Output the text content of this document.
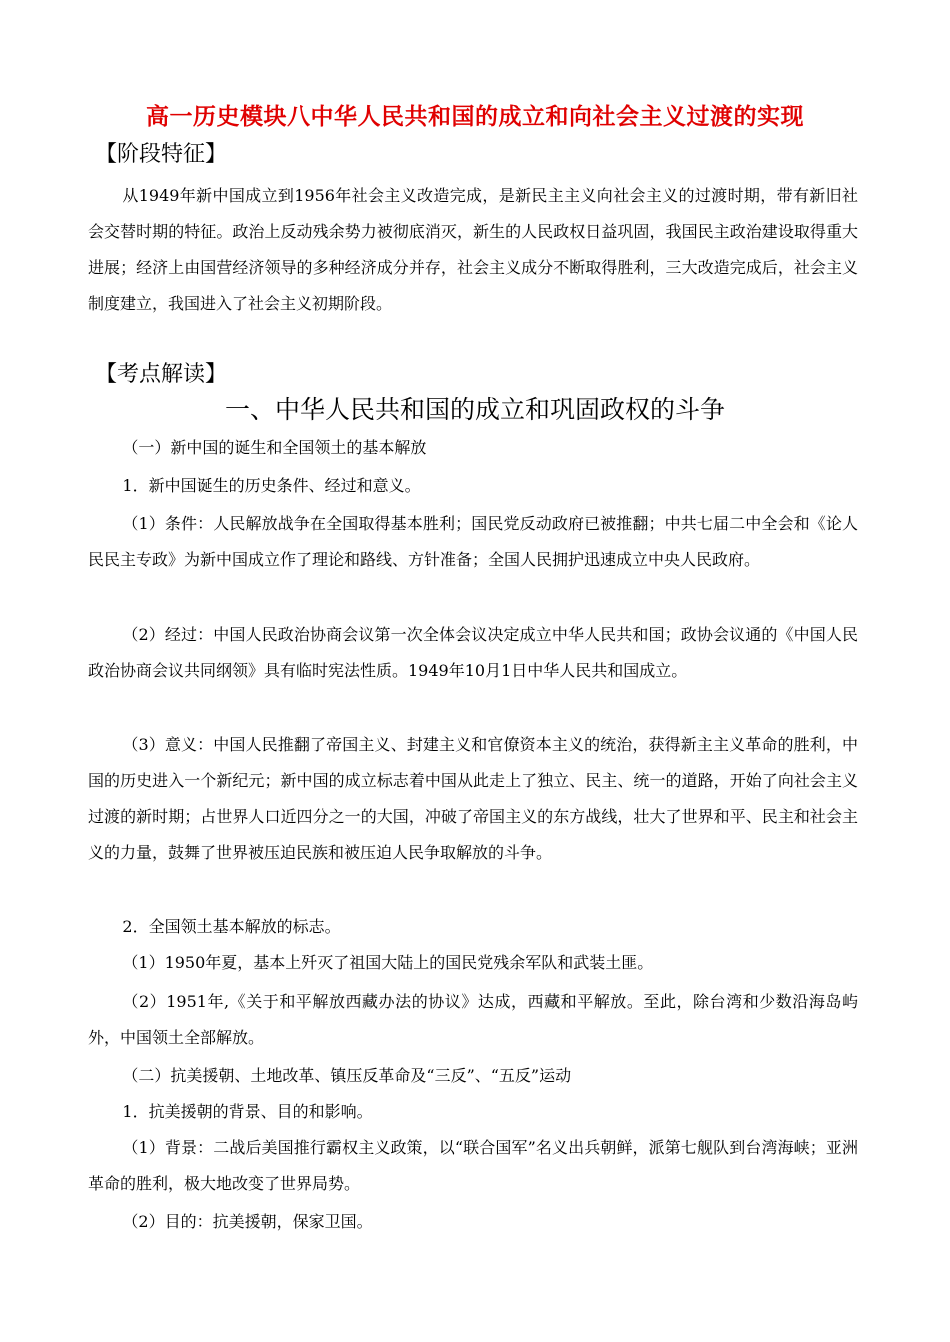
高一历史模块八中华人民共和国的成立和向社会主义过渡的实现
【阶段特征】

从1949年新中国成立到1956年社会主义改造完成，是新民主主义向社会主义的过渡时期，带有新旧社会交替时期的特征。政治上反动残余势力被彻底消灭，新生的人民政权日益巩固，我国民主政治建设取得重大进展；经济上由国营经济领导的多种经济成分并存，社会主义成分不断取得胜利，三大改造完成后，社会主义制度建立，我国进入了社会主义初期阶段。

【考点解读】
一、中华人民共和国的成立和巩固政权的斗争

（一）新中国的诞生和全国领土的基本解放

1．新中国诞生的历史条件、经过和意义。

（1）条件：人民解放战争在全国取得基本胜利；国民党反动政府已被推翻；中共七届二中全会和《论人民民主专政》为新中国成立作了理论和路线、方针准备；全国人民拥护迅速成立中央人民政府。

（2）经过：中国人民政治协商会议第一次全体会议决定成立中华人民共和国；政协会议通的《中国人民政治协商会议共同纲领》具有临时宪法性质。1949年10月1日中华人民共和国成立。

（3）意义：中国人民推翻了帝国主义、封建主义和官僚资本主义的统治，获得新主主义革命的胜利，中国的历史进入一个新纪元；新中国的成立标志着中国从此走上了独立、民主、统一的道路，开始了向社会主义过渡的新时期；占世界人口近四分之一的大国，冲破了帝国主义的东方战线，壮大了世界和平、民主和社会主义的力量，鼓舞了世界被压迫民族和被压迫人民争取解放的斗争。

2．全国领土基本解放的标志。

（1）1950年夏，基本上歼灭了祖国大陆上的国民党残余军队和武装土匪。

（2）1951年,《关于和平解放西藏办法的协议》达成，西藏和平解放。至此，除台湾和少数沿海岛屿外，中国领土全部解放。

（二）抗美援朝、土地改革、镇压反革命及“三反”、“五反”运动

1．抗美援朝的背景、目的和影响。

（1）背景：二战后美国推行霸权主义政策，以“联合国军”名义出兵朝鲜，派第七舰队到台湾海峡；亚洲革命的胜利，极大地改变了世界局势。

（2）目的：抗美援朝，保家卫国。
